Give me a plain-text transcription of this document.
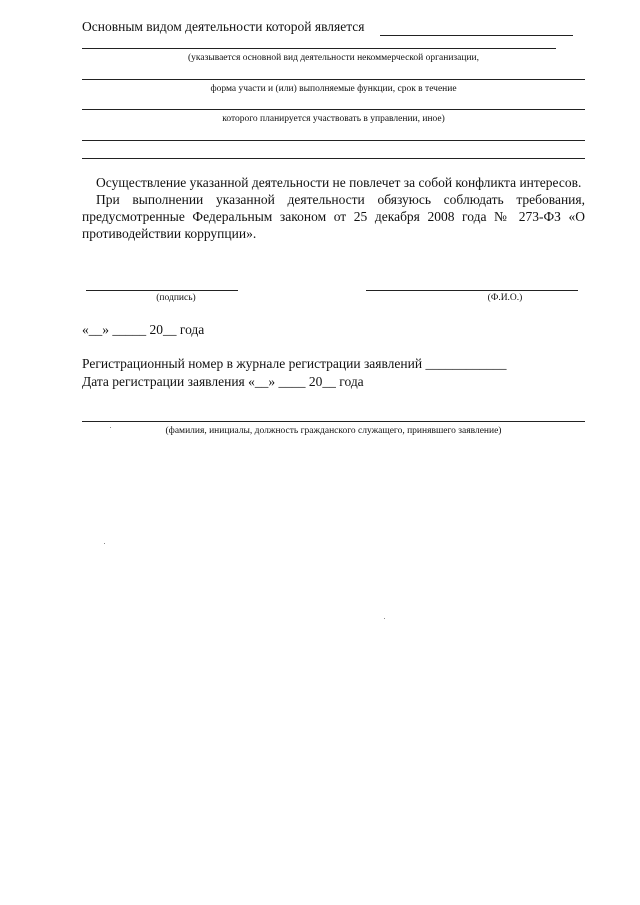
Основным видом деятельности которой является
(указывается основной вид деятельности некоммерческой организации,
форма участи и (или) выполняемые функции, срок в течение
которого планируется участвовать в управлении, иное)

Осуществление указанной деятельности не повлечет за собой конфликта интересов.

При выполнении указанной деятельности обязуюсь соблюдать требования, предусмотренные Федеральным законом от 25 декабря 2008 года № 273-ФЗ «О противодействии коррупции».

(подпись)	(Ф.И.О.)
«__» _____ 20__ года
Регистрационный номер в журнале регистрации заявлений ____________
Дата регистрации заявления «__» ____ 20__ года
(фамилия, инициалы, должность гражданского служащего, принявшего заявление)
